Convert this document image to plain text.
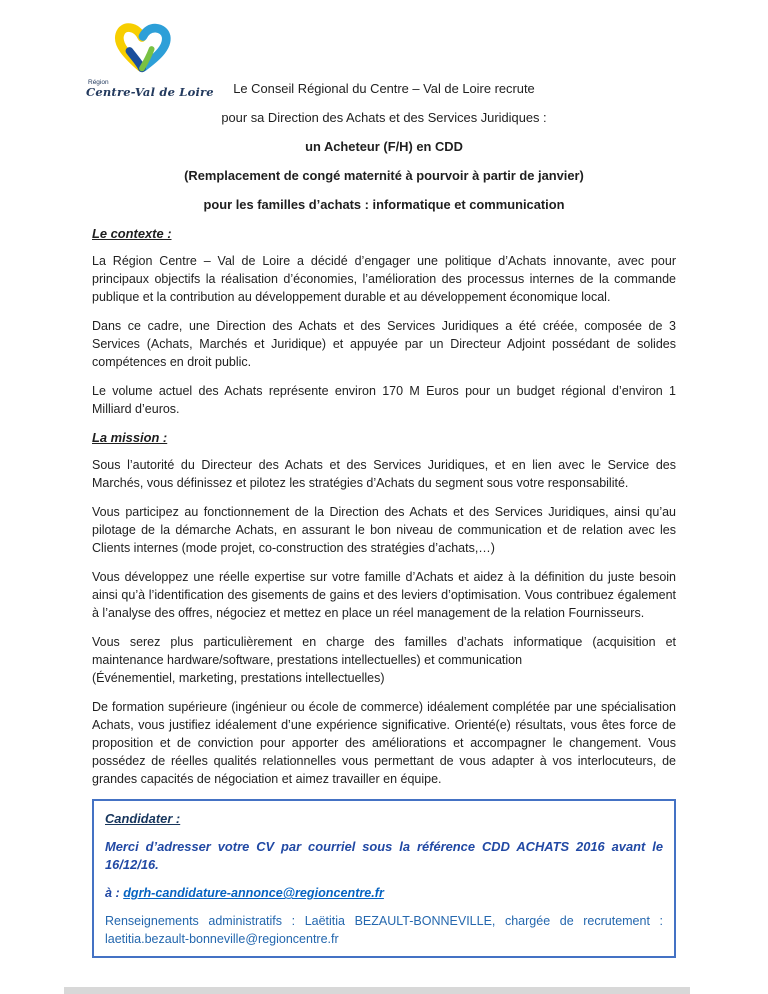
Région
Centre-Val de Loire	Le Conseil Régional du Centre – Val de Loire recrute
pour sa Direction des Achats et des Services Juridiques :
un Acheteur (F/H) en CDD
(Remplacement de congé maternité à pourvoir à partir de janvier)
pour les familles d’achats : informatique et communication
Le contexte :

La Région Centre – Val de Loire a décidé d’engager une politique d’Achats innovante, avec pour principaux objectifs la réalisation d’économies, l’amélioration des processus internes de la commande publique et la contribution au développement durable et au développement économique local.

Dans ce cadre, une Direction des Achats et des Services Juridiques a été créée, composée de 3 Services (Achats, Marchés et Juridique) et appuyée par un Directeur Adjoint possédant de solides compétences en droit public.

Le volume actuel des Achats représente environ 170 M Euros pour un budget régional d’environ 1 Milliard d’euros.

La mission :

Sous l’autorité du Directeur des Achats et des Services Juridiques, et en lien avec le Service des Marchés, vous définissez et pilotez les stratégies d’Achats du segment sous votre responsabilité.

Vous participez au fonctionnement de la Direction des Achats et des Services Juridiques, ainsi qu’au pilotage de la démarche Achats, en assurant le bon niveau de communication et de relation avec les Clients internes (mode projet, co-construction des stratégies d’achats,…)

Vous développez une réelle expertise sur votre famille d’Achats et aidez à la définition du juste besoin ainsi qu’à l’identification des gisements de gains et des leviers d’optimisation. Vous contribuez également à l’analyse des offres, négociez et mettez en place un réel management de la relation Fournisseurs.

Vous serez plus particulièrement en charge des familles d’achats informatique (acquisition et maintenance hardware/software, prestations intellectuelles) et communication

(Événementiel, marketing, prestations intellectuelles)

De formation supérieure (ingénieur ou école de commerce) idéalement complétée par une spécialisation Achats, vous justifiez idéalement d’une expérience significative. Orienté(e) résultats, vous êtes force de proposition et de conviction pour apporter des améliorations et accompagner le changement. Vous possédez de réelles qualités relationnelles vous permettant de vous adapter à vos interlocuteurs, de grandes capacités de négociation et aimez travailler en équipe.

Candidater :

Merci d’adresser votre CV par courriel sous la référence CDD ACHATS 2016 avant le 16/12/16.

à : dgrh-candidature-annonce@regioncentre.fr

Renseignements administratifs : Laëtitia BEZAULT-BONNEVILLE, chargée de recrutement : laetitia.bezault-bonneville@regioncentre.fr
